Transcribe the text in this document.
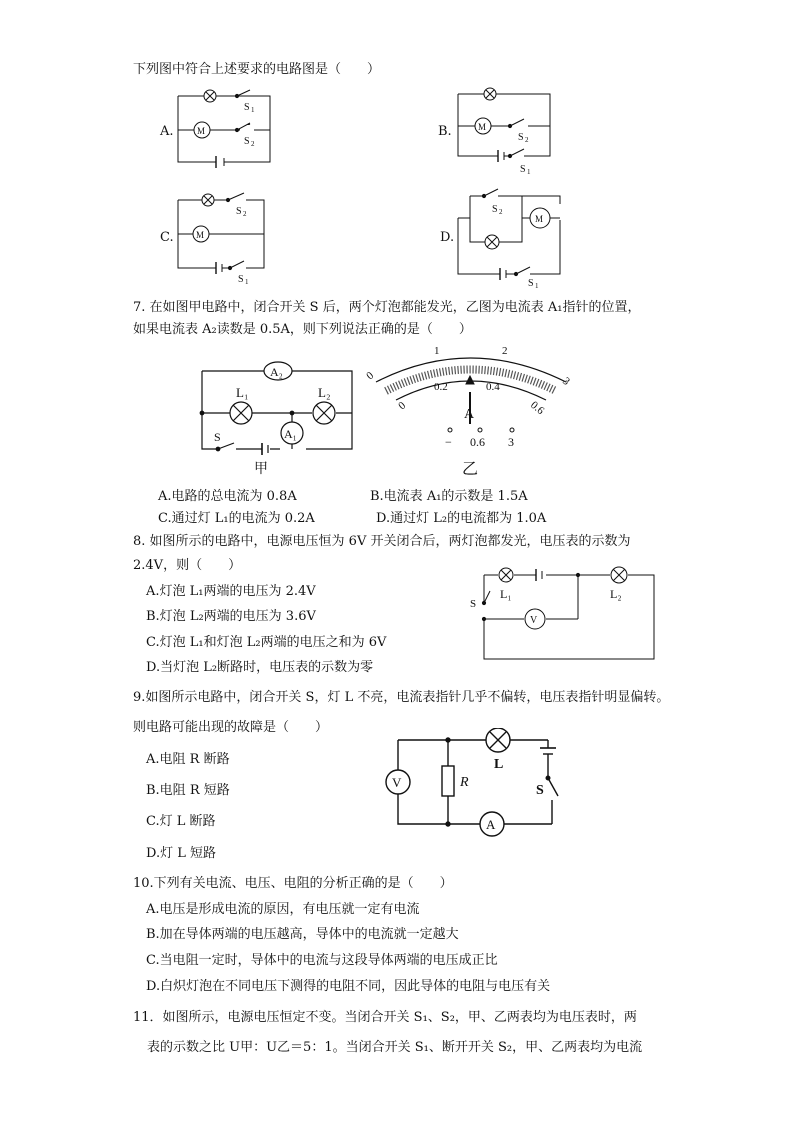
下列图中符合上述要求的电路图是（　　）
M
S 1
S 2
A.	M
S 2
S 1
B.
M
S 2
S 1
C.
M
S 2
S 1
D.
7. 在如图甲电路中，闭合开关 S 后，两个灯泡都能发光，乙图为电流表 A₁指针的位置，
如果电流表 A₂读数是 0.5A，则下列说法正确的是（　　）
A₂
A₁
L₁	L₂
S
甲
0
1	2
3
0
0.2	0.4
0.6
A
− 0.6 3
乙
A.电路的总电流为 0.8A	B.电流表 A₁的示数是 1.5A
C.通过灯 L₁的电流为 0.2A	D.通过灯 L₂的电流都为 1.0A
8. 如图所示的电路中，电源电压恒为 6V 开关闭合后，两灯泡都发光，电压表的示数为
2.4V，则（　　）
A.灯泡 L₁两端的电压为 2.4V
B.灯泡 L₂两端的电压为 3.6V
C.灯泡 L₁和灯泡 L₂两端的电压之和为 6V
D.当灯泡 L₂断路时，电压表的示数为零
V
L₁	L₂
S
9.如图所示电路中，闭合开关 S，灯 L 不亮，电流表指针几乎不偏转，电压表指针明显偏转。
则电路可能出现的故障是（　　）
A.电阻 R 断路
B.电阻 R 短路
C.灯 L 断路
D.灯 L 短路
V	R
L
S
A
10.下列有关电流、电压、电阻的分析正确的是（　　）
A.电压是形成电流的原因，有电压就一定有电流
B.加在导体两端的电压越高，导体中的电流就一定越大
C.当电阻一定时，导体中的电流与这段导体两端的电压成正比
D.白炽灯泡在不同电压下测得的电阻不同，因此导体的电阻与电压有关
11．如图所示，电源电压恒定不变。当闭合开关 S₁、S₂，甲、乙两表均为电压表时，两
表的示数之比 U甲：U乙＝5：1。当闭合开关 S₁、断开开关 S₂，甲、乙两表均为电流
